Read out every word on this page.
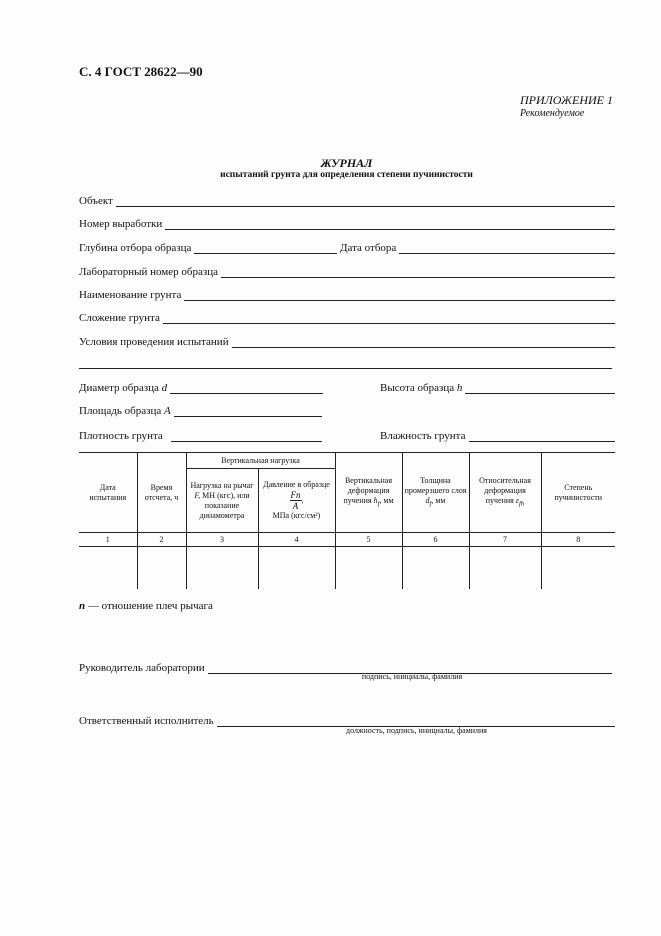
С. 4 ГОСТ 28622—90
ПРИЛОЖЕНИЕ 1
Рекомендуемое
ЖУРНАЛ
испытаний грунта для определения степени пучинистости
Объект
Номер выработки
Глубина отбора образца	Дата отбора
Лабораторный номер образца
Наименование грунта
Сложение грунта
Условия проведения испытаний
Диаметр образца d	Высота образца h
Площадь образца A
Плотность грунта	Влажность грунта
Дата испытания	Время отсчета, ч	Вертикальная нагрузка		Вертикальная деформация пучения $h_f$, мм	Толщина промерзшего слоя $d_f$, мм	Относительная деформация пучения $\varepsilon_{fh}$	Степень пучинистости
		Нагрузка на рычаг F, МН (кгс), или показание динамометра	Давление в образце
$\frac{Fn}{A}$ ,
МПа (кгс/см²)				
1	2	3	4	5	6	7	8

n — отношение плеч рычага
Руководитель лаборатории
подпись, инициалы, фамилия
Ответственный исполнитель
должность, подпись, инициалы, фамилия
